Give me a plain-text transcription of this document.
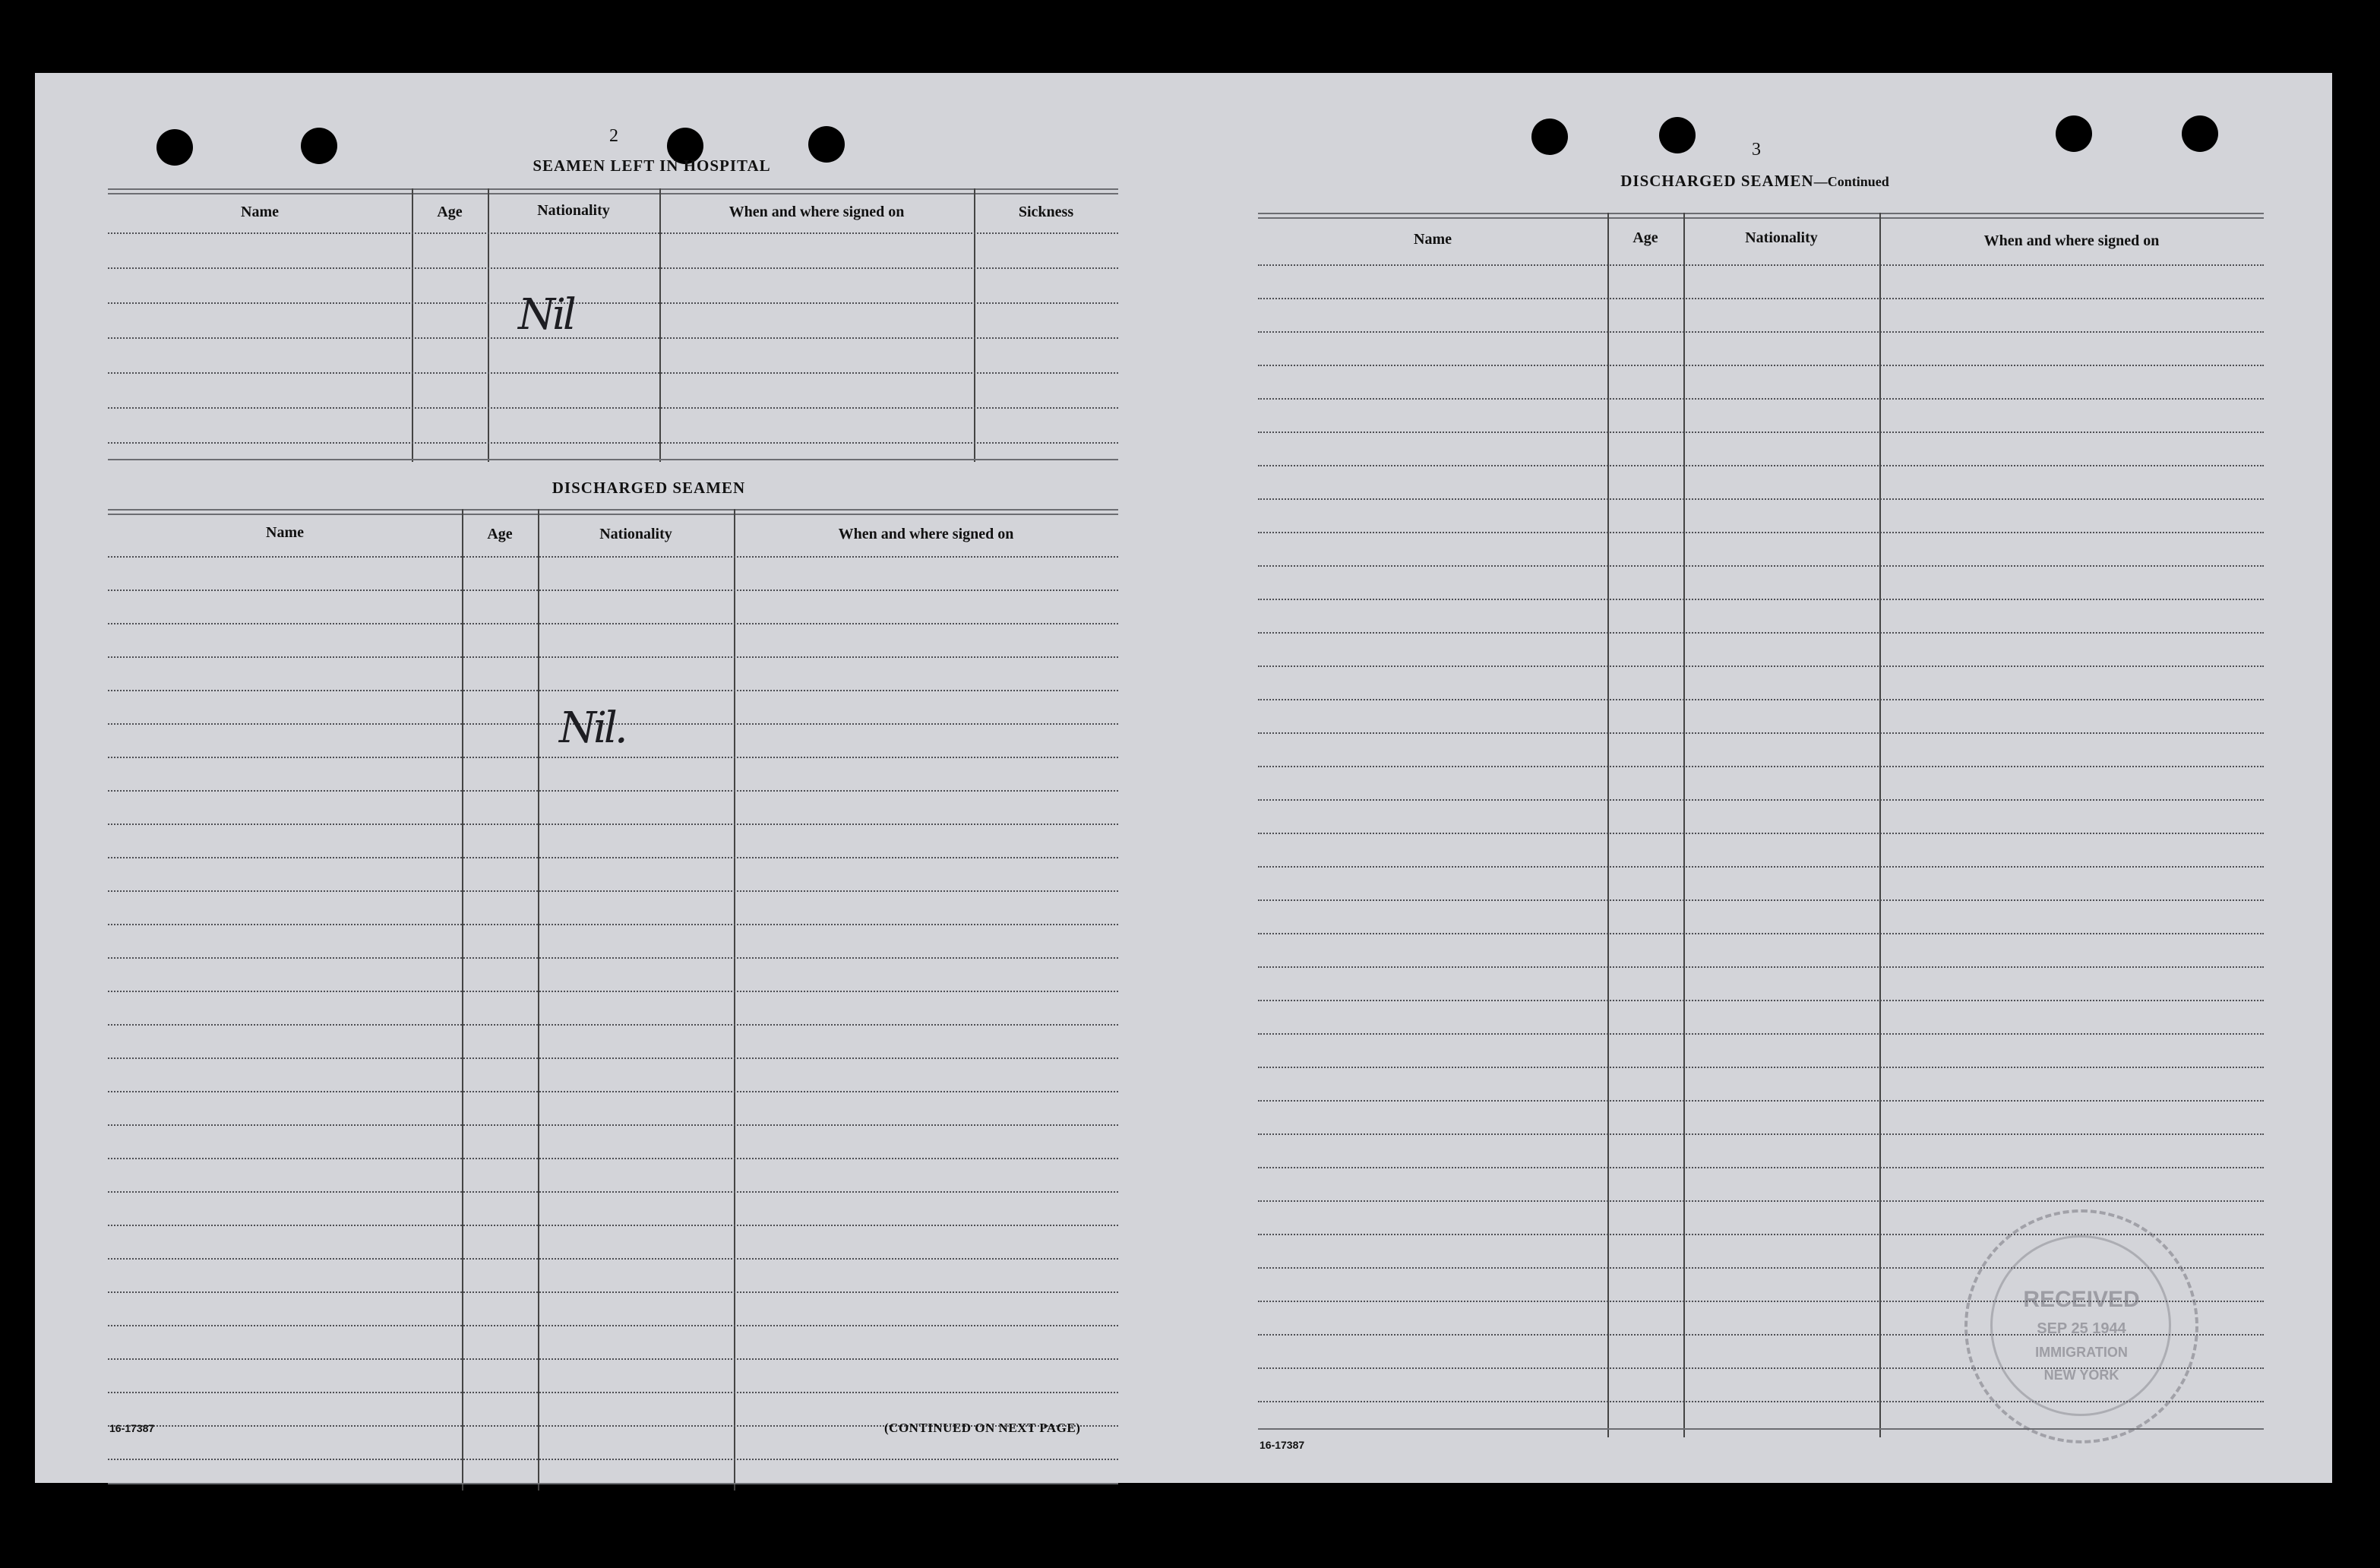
2
SEAMEN LEFT IN HOSPITAL
Name	Age	Nationality	When and where signed on	Sickness
Nil
DISCHARGED SEAMEN
Name	Age	Nationality	When and where signed on
Nil.
16-17387	(CONTINUED ON NEXT PAGE)
3
DISCHARGED SEAMEN—Continued
Name	Age	Nationality	When and where signed on
16-17387
RECEIVED
SEP 25 1944
IMMIGRATION
NEW YORK
